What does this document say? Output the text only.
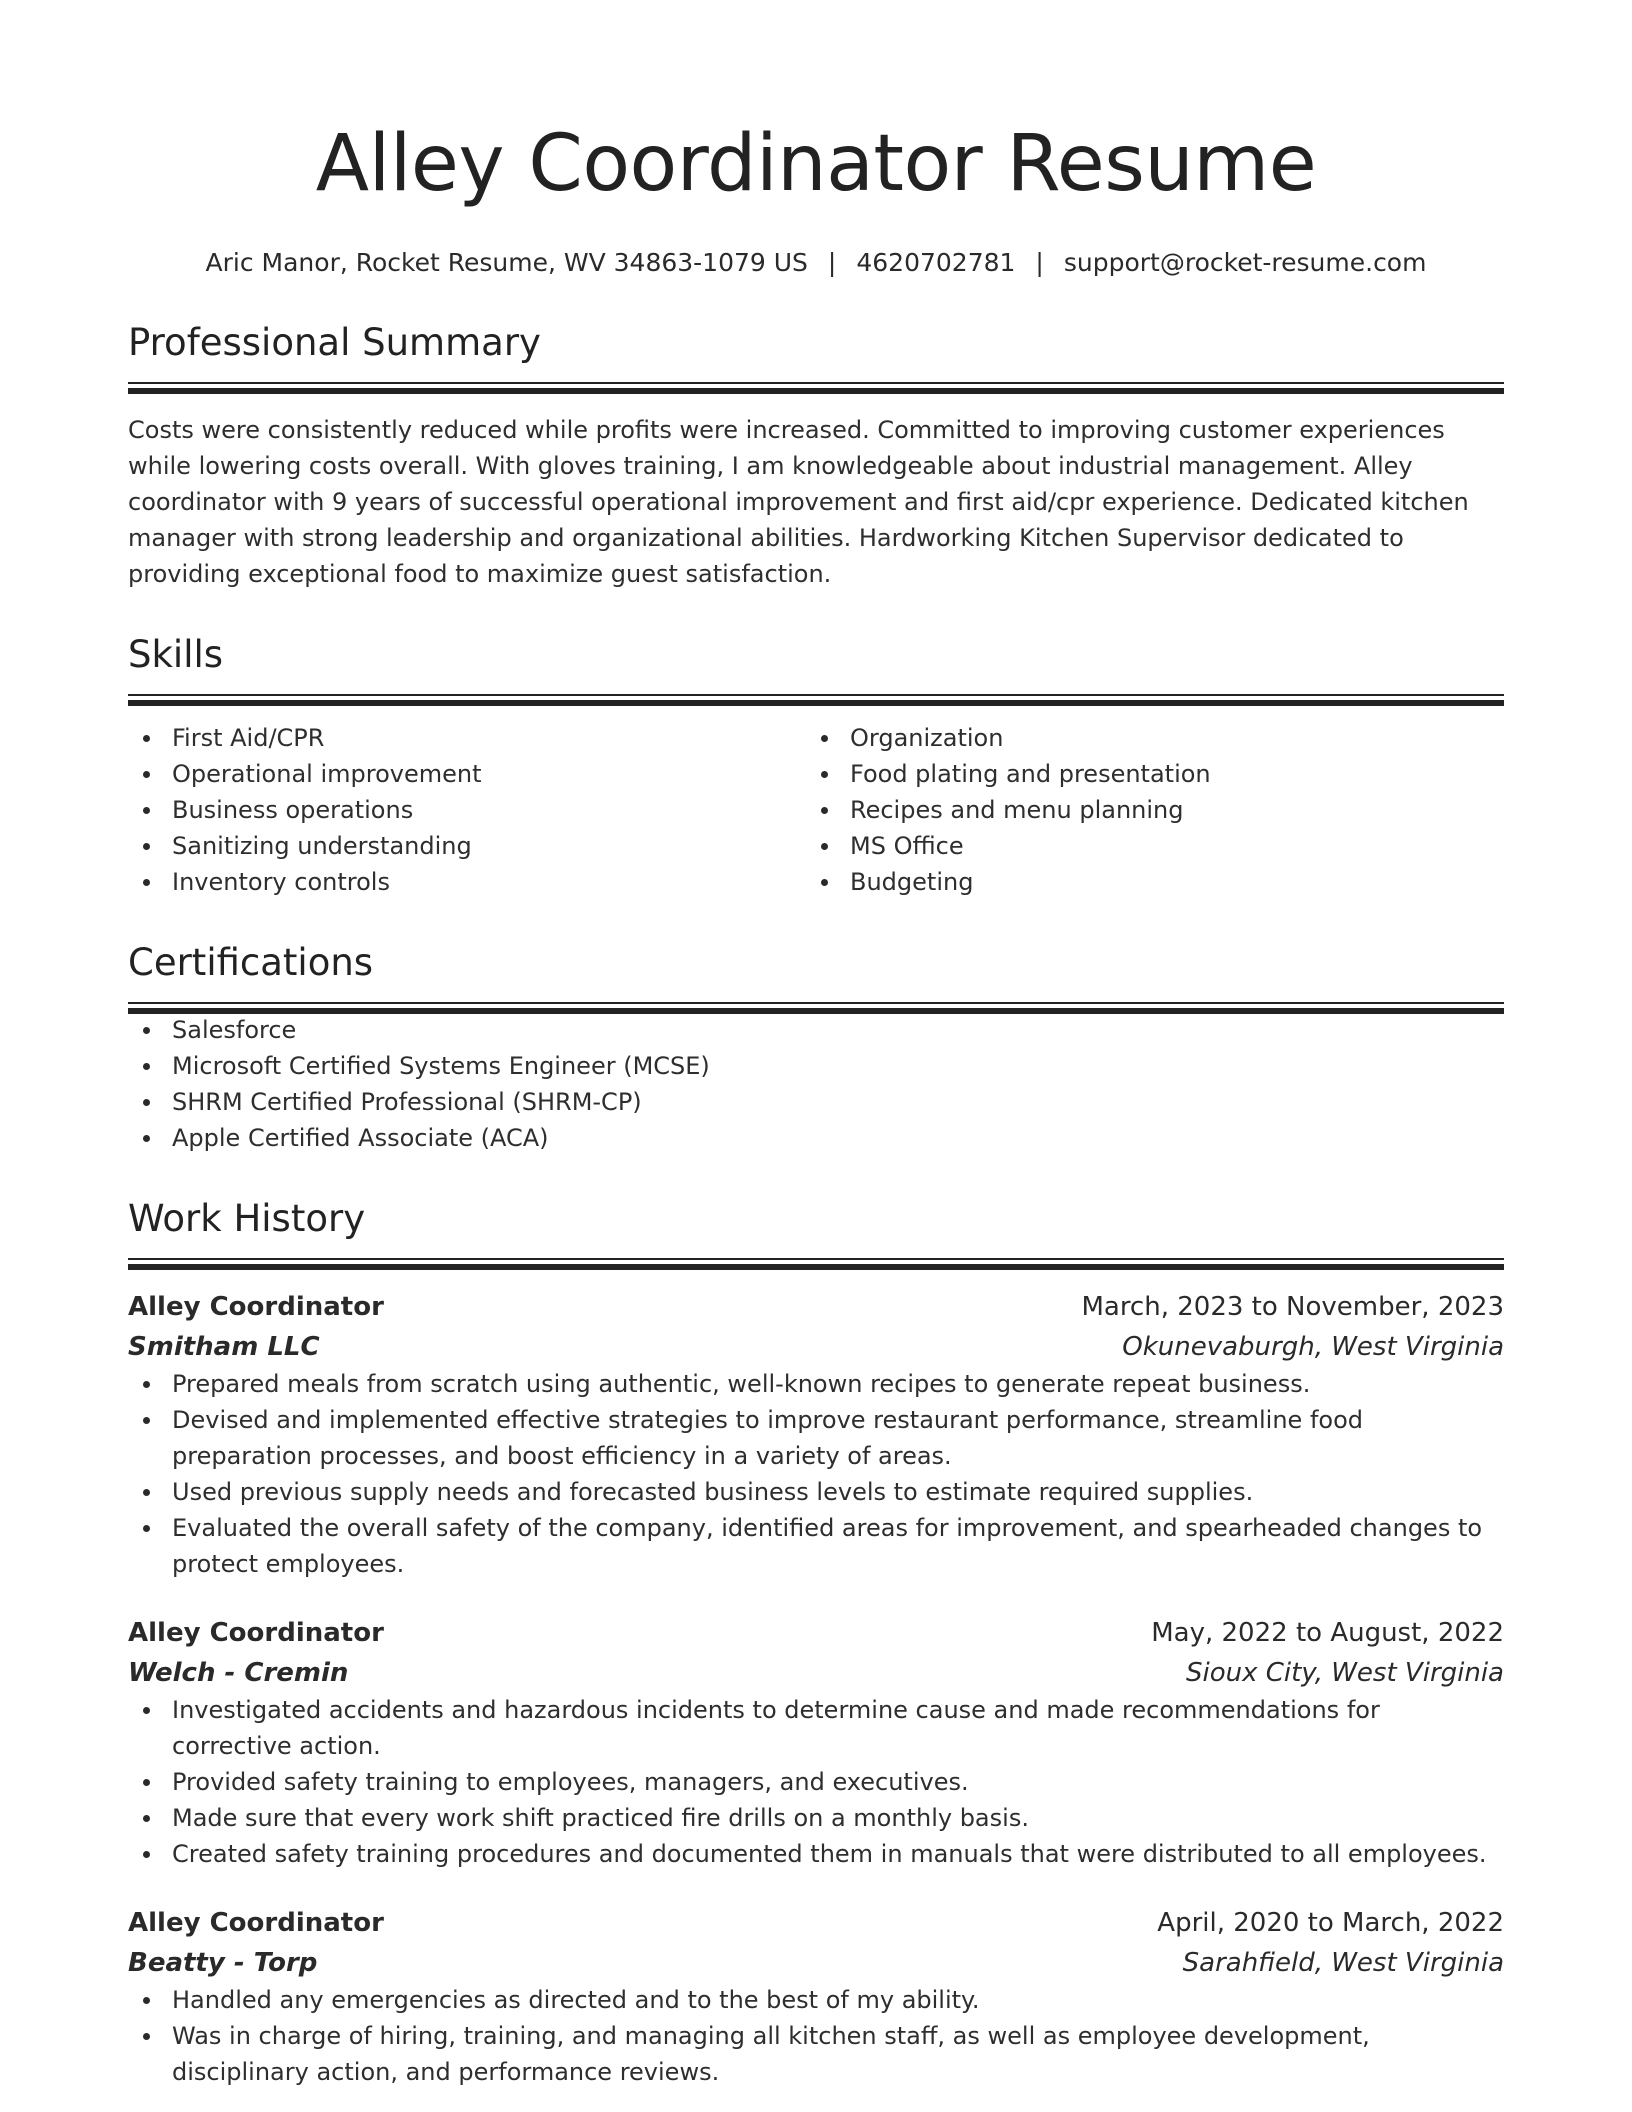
Alley Coordinator Resume
Aric Manor, Rocket Resume, WV 34863-1079 US | 4620702781 | support@rocket-resume.com
Professional Summary
Costs were consistently reduced while profits were increased. Committed to improving customer experiences while lowering costs overall. With gloves training, I am knowledgeable about industrial management. Alley coordinator with 9 years of successful operational improvement and first aid/cpr experience. Dedicated kitchen manager with strong leadership and organizational abilities. Hardworking Kitchen Supervisor dedicated to providing exceptional food to maximize guest satisfaction.
Skills
First Aid/CPR
Operational improvement
Business operations
Sanitizing understanding
Inventory controls
Organization
Food plating and presentation
Recipes and menu planning
MS Office
Budgeting
Certifications
Salesforce
Microsoft Certified Systems Engineer (MCSE)
SHRM Certified Professional (SHRM-CP)
Apple Certified Associate (ACA)
Work History
Alley Coordinator	March, 2023 to November, 2023
Smitham LLC	Okunevaburgh, West Virginia
Prepared meals from scratch using authentic, well-known recipes to generate repeat business.
Devised and implemented effective strategies to improve restaurant performance, streamline food preparation processes, and boost efficiency in a variety of areas.
Used previous supply needs and forecasted business levels to estimate required supplies.
Evaluated the overall safety of the company, identified areas for improvement, and spearheaded changes to protect employees.
Alley Coordinator	May, 2022 to August, 2022
Welch - Cremin	Sioux City, West Virginia
Investigated accidents and hazardous incidents to determine cause and made recommendations for corrective action.
Provided safety training to employees, managers, and executives.
Made sure that every work shift practiced fire drills on a monthly basis.
Created safety training procedures and documented them in manuals that were distributed to all employees.
Alley Coordinator	April, 2020 to March, 2022
Beatty - Torp	Sarahfield, West Virginia
Handled any emergencies as directed and to the best of my ability.
Was in charge of hiring, training, and managing all kitchen staff, as well as employee development, disciplinary action, and performance reviews.
